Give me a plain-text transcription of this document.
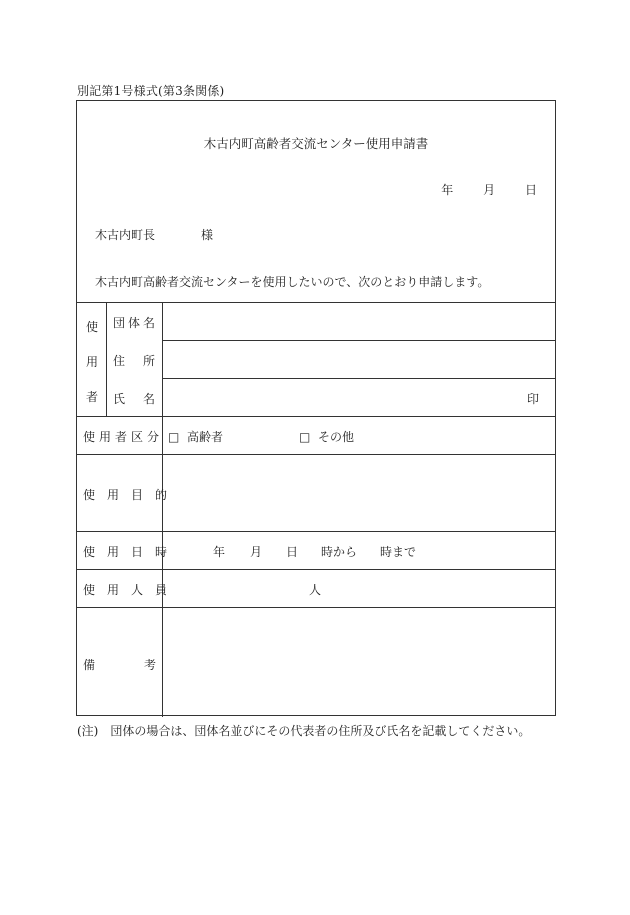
別記第1号様式(第3条関係)
木古内町高齢者交流センター使用申請書
年 月 日
木古内町長	様
木古内町高齢者交流センターを使用したいので、次のとおり申請します。
使
用
者
団体名
住　所
氏　名	印
使用者区分 □ 高齢者	□ その他
使　用　目　的
使　用　日　時	年 月 日 時から 時まで
使　用　人　員	人
備	考
(注)　団体の場合は、団体名並びにその代表者の住所及び氏名を記載してください。
